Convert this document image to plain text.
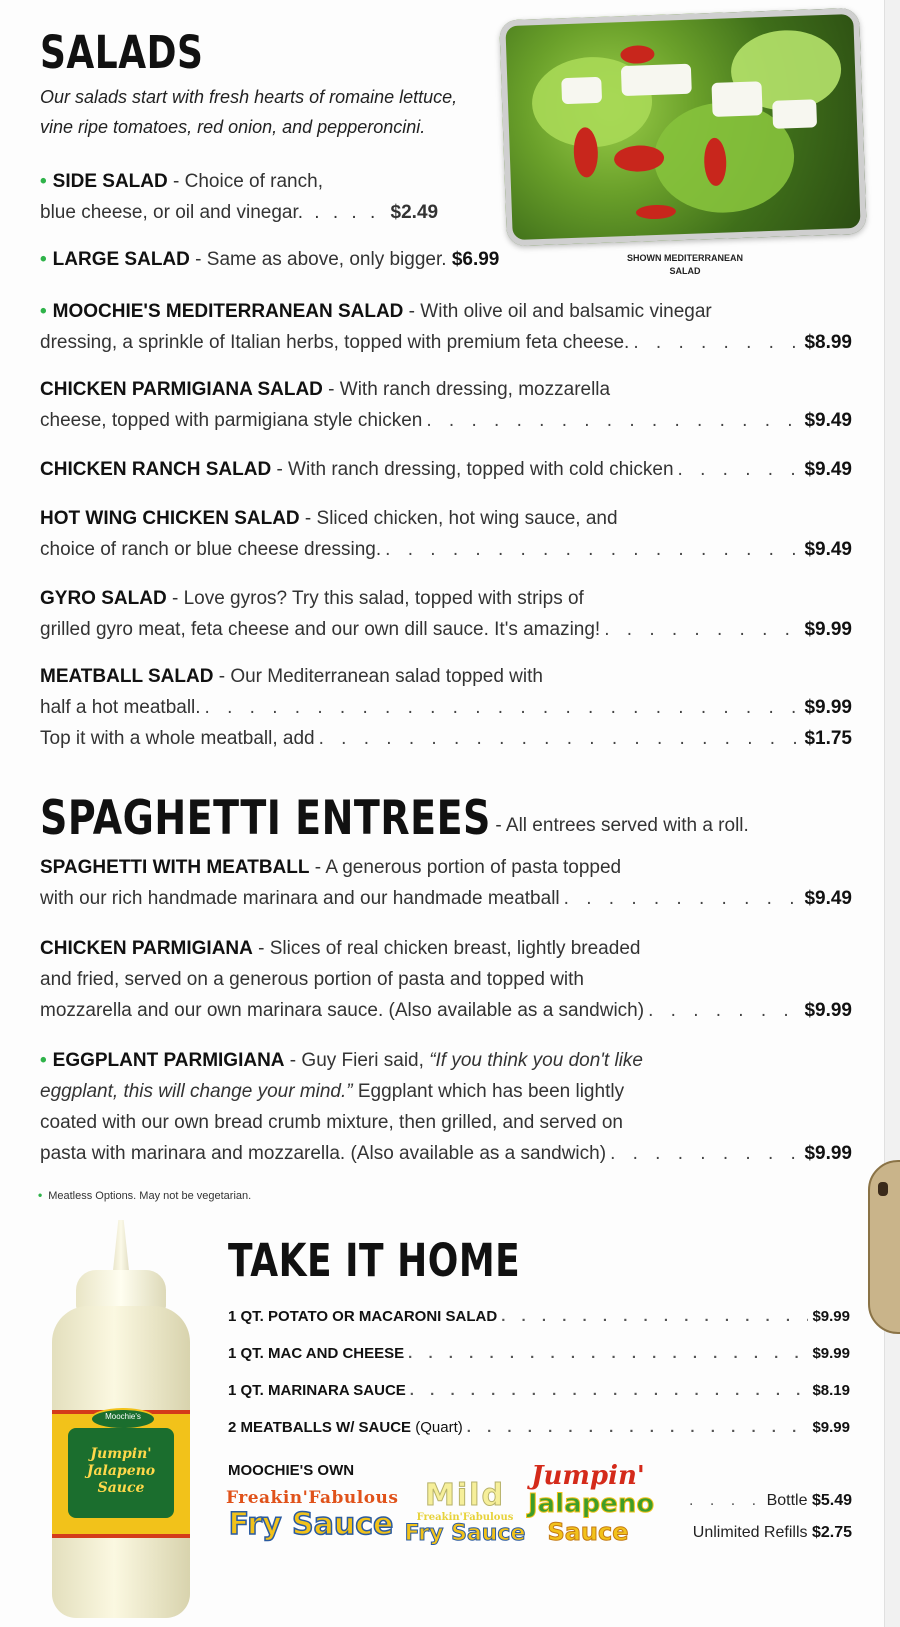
SALADS
Our salads start with fresh hearts of romaine lettuce,
vine ripe tomatoes, red onion, and pepperoncini.
SHOWN MEDITERRANEAN
SALAD
• SIDE SALAD - Choice of ranch,
blue cheese, or oil and vinegar. . . . . $2.49
• LARGE SALAD - Same as above, only bigger. $6.99
• MOOCHIE'S MEDITERRANEAN SALAD - With olive oil and balsamic vinegar
dressing, a sprinkle of Italian herbs, topped with premium feta cheese. . . .	$8.99
CHICKEN PARMIGIANA SALAD - With ranch dressing, mozzarella
cheese, topped with parmigiana style chicken . . .	$9.49
CHICKEN RANCH SALAD - With ranch dressing, topped with cold chicken . . .	$9.49
HOT WING CHICKEN SALAD - Sliced chicken, hot wing sauce, and
choice of ranch or blue cheese dressing. . . .	$9.49
GYRO SALAD - Love gyros? Try this salad, topped with strips of
grilled gyro meat, feta cheese and our own dill sauce. It's amazing! . . .	$9.99
MEATBALL SALAD - Our Mediterranean salad topped with
half a hot meatball. . . .	$9.99
Top it with a whole meatball, add . . .	$1.75
SPAGHETTI ENTREES - All entrees served with a roll.
SPAGHETTI WITH MEATBALL - A generous portion of pasta topped
with our rich handmade marinara and our handmade meatball . . .	$9.49
CHICKEN PARMIGIANA - Slices of real chicken breast, lightly breaded
and fried, served on a generous portion of pasta and topped with
mozzarella and our own marinara sauce. (Also available as a sandwich) . . .	$9.99
• EGGPLANT PARMIGIANA - Guy Fieri said, “If you think you don't like
eggplant, this will change your mind.” Eggplant which has been lightly
coated with our own bread crumb mixture, then grilled, and served on
pasta with marinara and mozzarella. (Also available as a sandwich) . . .	$9.99
• Meatless Options. May not be vegetarian.
Moochie's
Jumpin'
Jalapeno
Sauce
TAKE IT HOME
1 QT. POTATO OR MACARONI SALAD . . .	$9.99
1 QT. MAC AND CHEESE . . .	$9.99
1 QT. MARINARA SAUCE . . .	$8.19
2 MEATBALLS W/ SAUCE (Quart) . . .	$9.99
MOOCHIE'S OWN
Freakin'Fabulous
Fry Sauce
Mild
Freakin'Fabulous
Fry Sauce
Jumpin'
Jalapeno
Sauce
. . . . Bottle $5.49
Unlimited Refills $2.75
